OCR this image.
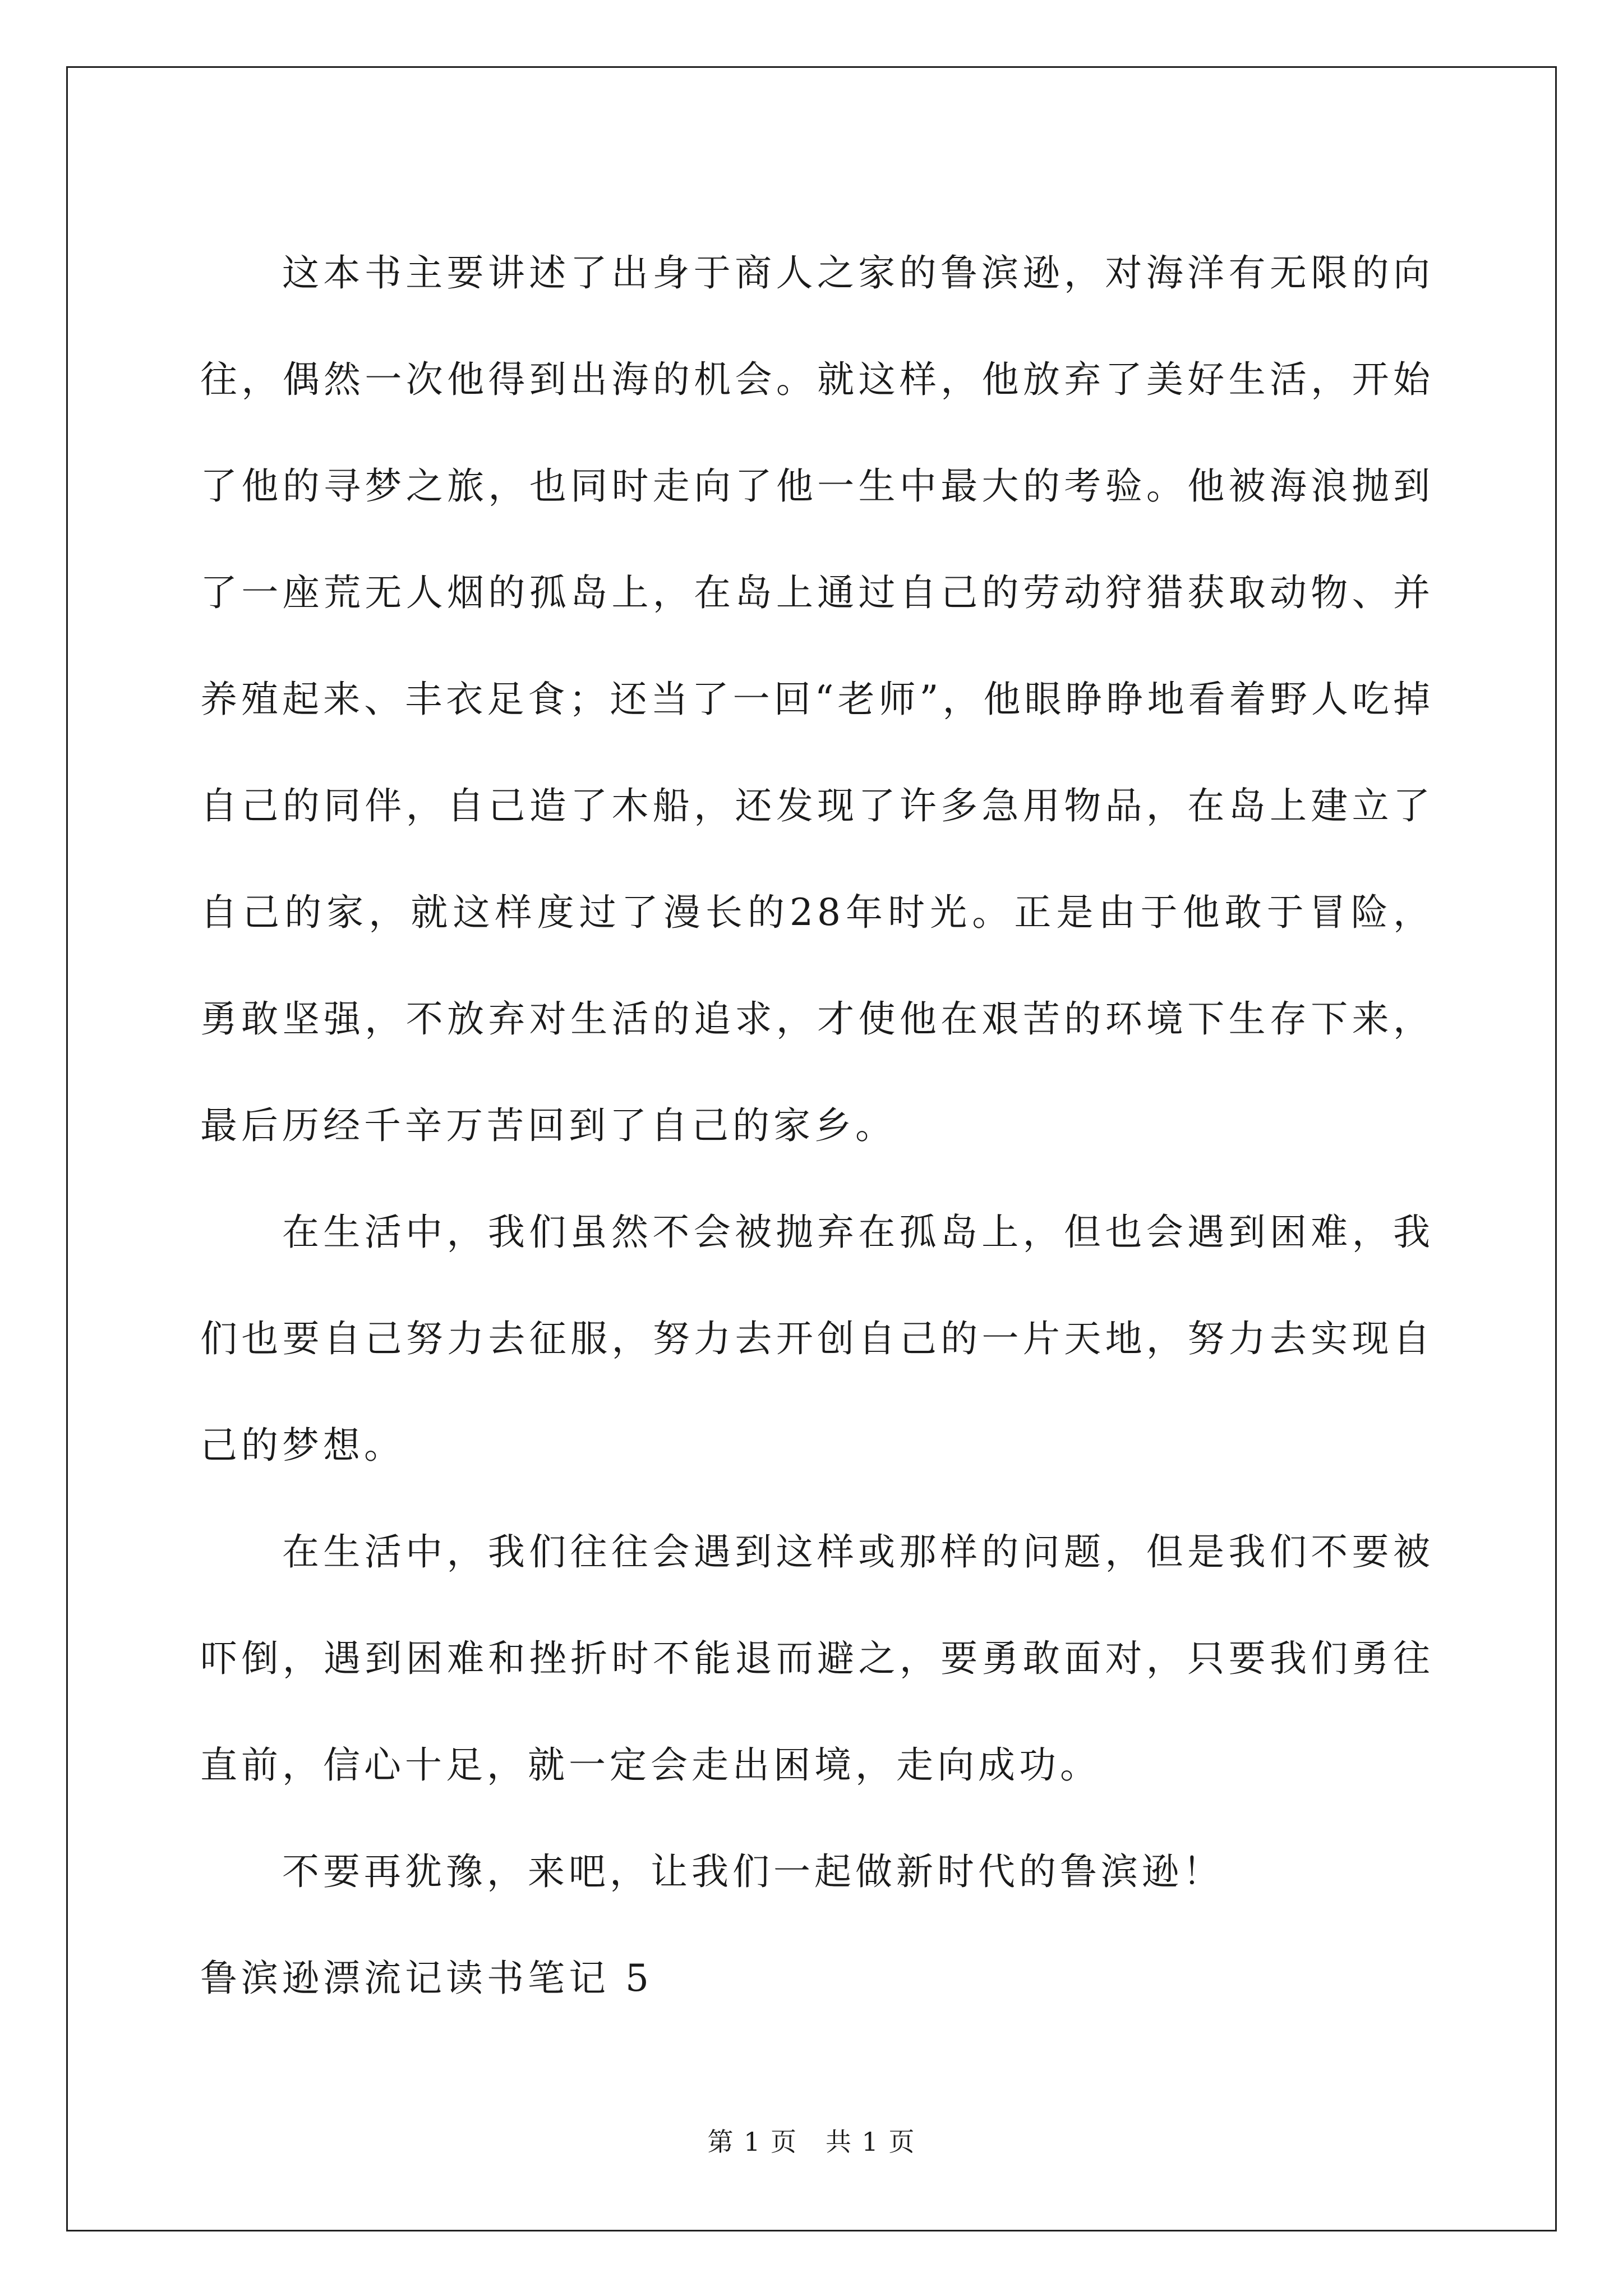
这本书主要讲述了出身于商人之家的鲁滨逊，对海洋有无限的向往，偶然一次他得到出海的机会。就这样，他放弃了美好生活，开始了他的寻梦之旅，也同时走向了他一生中最大的考验。他被海浪抛到了一座荒无人烟的孤岛上，在岛上通过自己的劳动狩猎获取动物、并养殖起来、丰衣足食；还当了一回“老师”，他眼睁睁地看着野人吃掉自己的同伴，自己造了木船，还发现了许多急用物品，在岛上建立了自己的家，就这样度过了漫长的28年时光。正是由于他敢于冒险，勇敢坚强，不放弃对生活的追求，才使他在艰苦的环境下生存下来，最后历经千辛万苦回到了自己的家乡。

在生活中，我们虽然不会被抛弃在孤岛上，但也会遇到困难，我们也要自己努力去征服，努力去开创自己的一片天地，努力去实现自己的梦想。

在生活中，我们往往会遇到这样或那样的问题，但是我们不要被吓倒，遇到困难和挫折时不能退而避之，要勇敢面对，只要我们勇往直前，信心十足，就一定会走出困境，走向成功。

不要再犹豫，来吧，让我们一起做新时代的鲁滨逊！

鲁滨逊漂流记读书笔记 5

第 1 页 共 1 页
